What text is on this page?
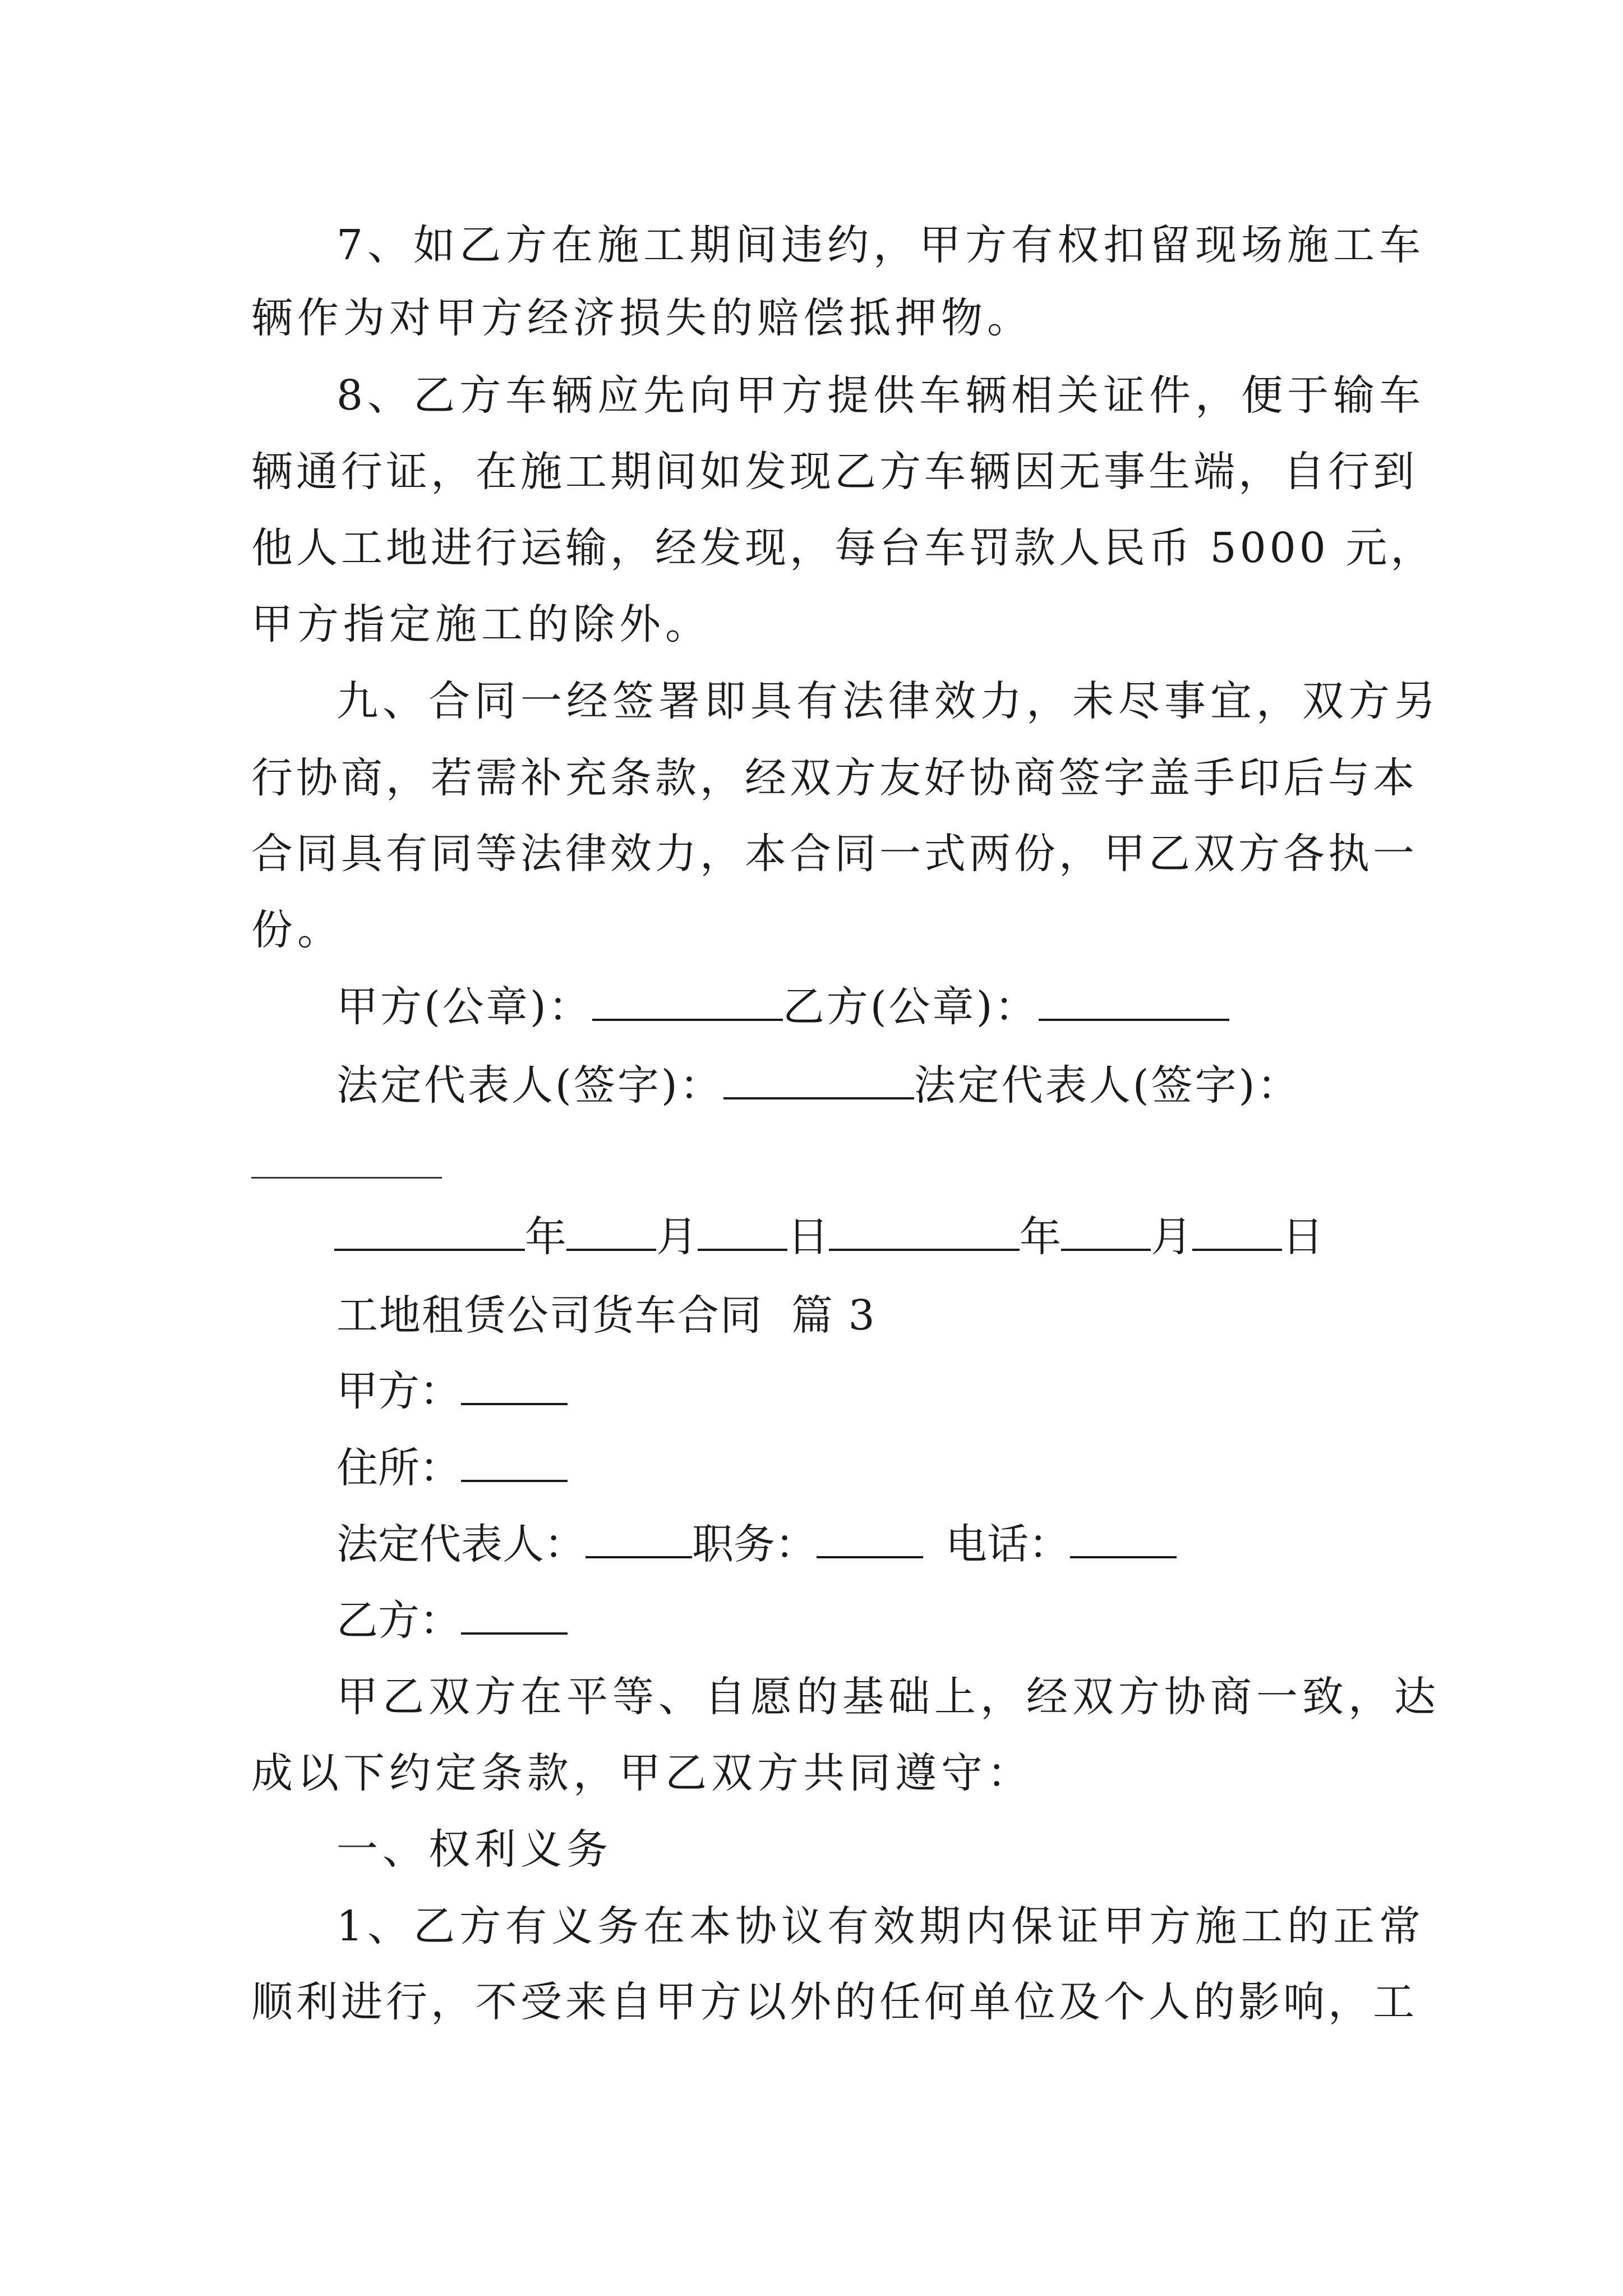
7、如乙方在施工期间违约，甲方有权扣留现场施工车
辆作为对甲方经济损失的赔偿抵押物。
8、乙方车辆应先向甲方提供车辆相关证件，便于输车
辆通行证，在施工期间如发现乙方车辆因无事生端，自行到
他人工地进行运输，经发现，每台车罚款人民币 5000 元，
甲方指定施工的除外。
九、合同一经签署即具有法律效力，未尽事宜，双方另
行协商，若需补充条款，经双方友好协商签字盖手印后与本
合同具有同等法律效力，本合同一式两份，甲乙双方各执一
份。
甲方(公章)：	乙方(公章)：
法定代表人(签字)：	法定代表人(签字)：
年 月 日	年 月 日
工地租赁公司货车合同  篇 3
甲方：
住所：
法定代表人：	职务：	电话：
乙方：
甲乙双方在平等、自愿的基础上，经双方协商一致，达
成以下约定条款，甲乙双方共同遵守：
一、权利义务
1、乙方有义务在本协议有效期内保证甲方施工的正常
顺利进行，不受来自甲方以外的任何单位及个人的影响，工
